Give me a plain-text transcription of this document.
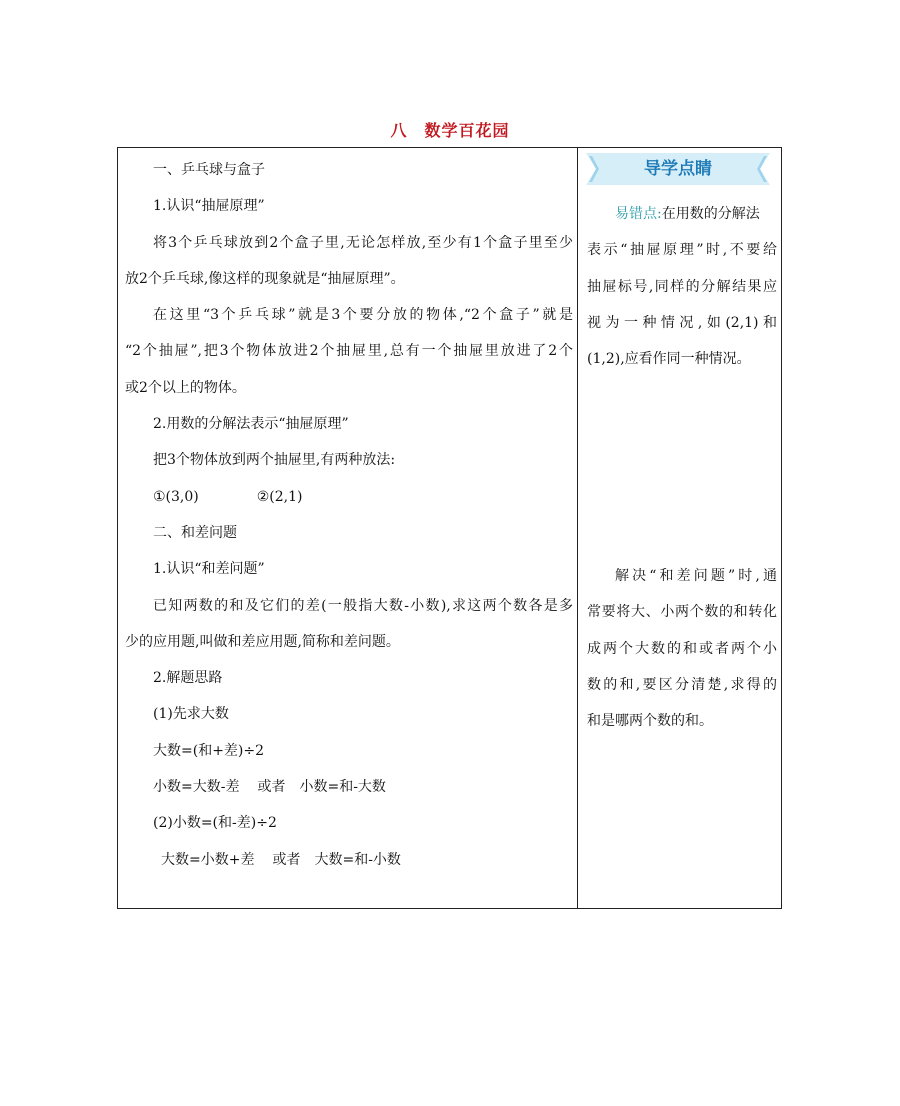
八　数学百花园

一、乒乓球与盒子

1.认识“抽屉原理”

将3个乒乓球放到2个盒子里,无论怎样放,至少有1个盒子里至少

放2个乒乓球,像这样的现象就是“抽屉原理”。

在这里“3个乒乓球”就是3个要分放的物体,“2个盒子”就是

“2个抽屉”,把3个物体放进2个抽屉里,总有一个抽屉里放进了2个

或2个以上的物体。

2.用数的分解法表示“抽屉原理”

把3个物体放到两个抽屉里,有两种放法:

①(3,0)	②(2,1)

二、和差问题

1.认识“和差问题”

已知两数的和及它们的差(一般指大数-小数),求这两个数各是多

少的应用题,叫做和差应用题,简称和差问题。

2.解题思路

(1)先求大数

大数=(和+差)÷2

小数=大数-差 或者 小数=和-大数

(2)小数=(和-差)÷2

大数=小数+差 或者 大数=和-小数

导学点睛

易错点:在用数的分解法

表示“抽屉原理”时,不要给

抽屉标号,同样的分解结果应

视为一种情况,如(2,1)和

(1,2),应看作同一种情况。

解决“和差问题”时,通

常要将大、小两个数的和转化

成两个大数的和或者两个小

数的和,要区分清楚,求得的

和是哪两个数的和。
